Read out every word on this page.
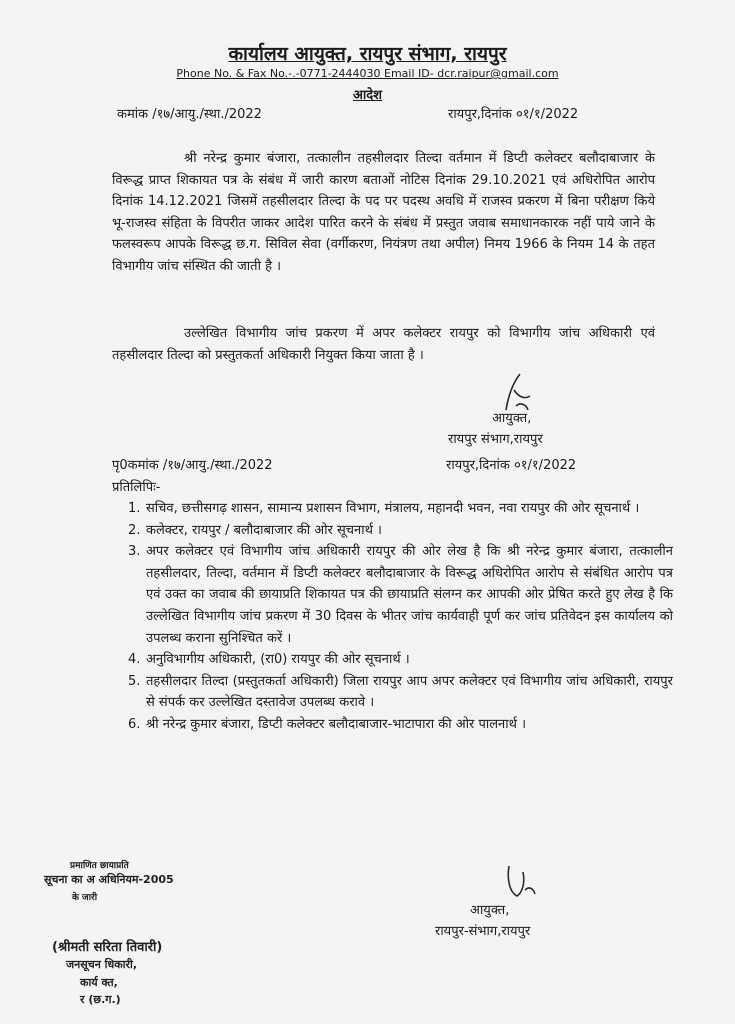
कार्यालय आयुक्त, रायपुर संभाग, रायपुर
Phone No. & Fax No.-.-0771-2444030 Email ID- dcr.raipur@gmail.com
आदेश
कमांक /१७/आयु./स्था./2022	रायपुर,दिनांक ०१/१/2022
श्री नरेन्द्र कुमार बंजारा, तत्कालीन तहसीलदार तिल्दा वर्तमान में डिप्टी कलेक्टर बलौदाबाजार के विरूद्ध प्राप्त शिकायत पत्र के संबंध में जारी कारण बताओं नोटिस दिनांक 29.10.2021 एवं अधिरोपित आरोप दिनांक 14.12.2021 जिसमें तहसीलदार तिल्दा के पद पर पदस्थ अवधि में राजस्व प्रकरण में बिना परीक्षण किये भू-राजस्व संहिता के विपरीत जाकर आदेश पारित करने के संबंध में प्रस्तुत जवाब समाधानकारक नहीं पाये जाने के फलस्वरूप आपके विरूद्ध छ.ग. सिविल सेवा (वर्गीकरण, नियंत्रण तथा अपील) निमय 1966 के नियम 14 के तहत विभागीय जांच संस्थित की जाती है ।
उल्लेखित विभागीय जांच प्रकरण में अपर कलेक्टर रायपुर को विभागीय जांच अधिकारी एवं तहसीलदार तिल्दा को प्रस्तुतकर्ता अधिकारी नियुक्त किया जाता है ।
आयुक्त,
रायपुर संभाग,रायपुर
पृ0कमांक /१७/आयु./स्था./2022	रायपुर,दिनांक ०१/१/2022
प्रतिलिपिः-
1. सचिव, छत्तीसगढ़ शासन, सामान्य प्रशासन विभाग, मंत्रालय, महानदी भवन, नवा रायपुर की ओर सूचनार्थ ।
2. कलेक्टर, रायपुर / बलौदाबाजार की ओर सूचनार्थ ।
3. अपर कलेक्टर एवं विभागीय जांच अधिकारी रायपुर की ओर लेख है कि श्री नरेन्द्र कुमार बंजारा, तत्कालीन तहसीलदार, तिल्दा, वर्तमान में डिप्टी कलेक्टर बलौदाबाजार के विरूद्ध अधिरोपित आरोप से संबंधित आरोप पत्र एवं उक्त का जवाब की छायाप्रति शिकायत पत्र की छायाप्रति संलग्न कर आपकी ओर प्रेषित करते हुए लेख है कि उल्लेखित विभागीय जांच प्रकरण में 30 दिवस के भीतर जांच कार्यवाही पूर्ण कर जांच प्रतिवेदन इस कार्यालय को उपलब्ध कराना सुनिश्चित करें ।
4. अनुविभागीय अधिकारी, (रा0) रायपुर की ओर सूचनार्थ ।
5. तहसीलदार तिल्दा (प्रस्तुतकर्ता अधिकारी) जिला रायपुर आप अपर कलेक्टर एवं विभागीय जांच अधिकारी, रायपुर से संपर्क कर उल्लेखित दस्तावेज उपलब्ध करावे ।
6. श्री नरेन्द्र कुमार बंजारा, डिप्टी कलेक्टर बलौदाबाजार-भाटापारा की ओर पालनार्थ ।
आयुक्त,
रायपुर-संभाग,रायपुर
प्रमाणित छायाप्रति
सूचना का अ अधिनियम-2005
के जारी
(श्रीमती सरिता तिवारी)
जनसूचन धिकारी,
कार्य क्त,
र (छ.ग.)
